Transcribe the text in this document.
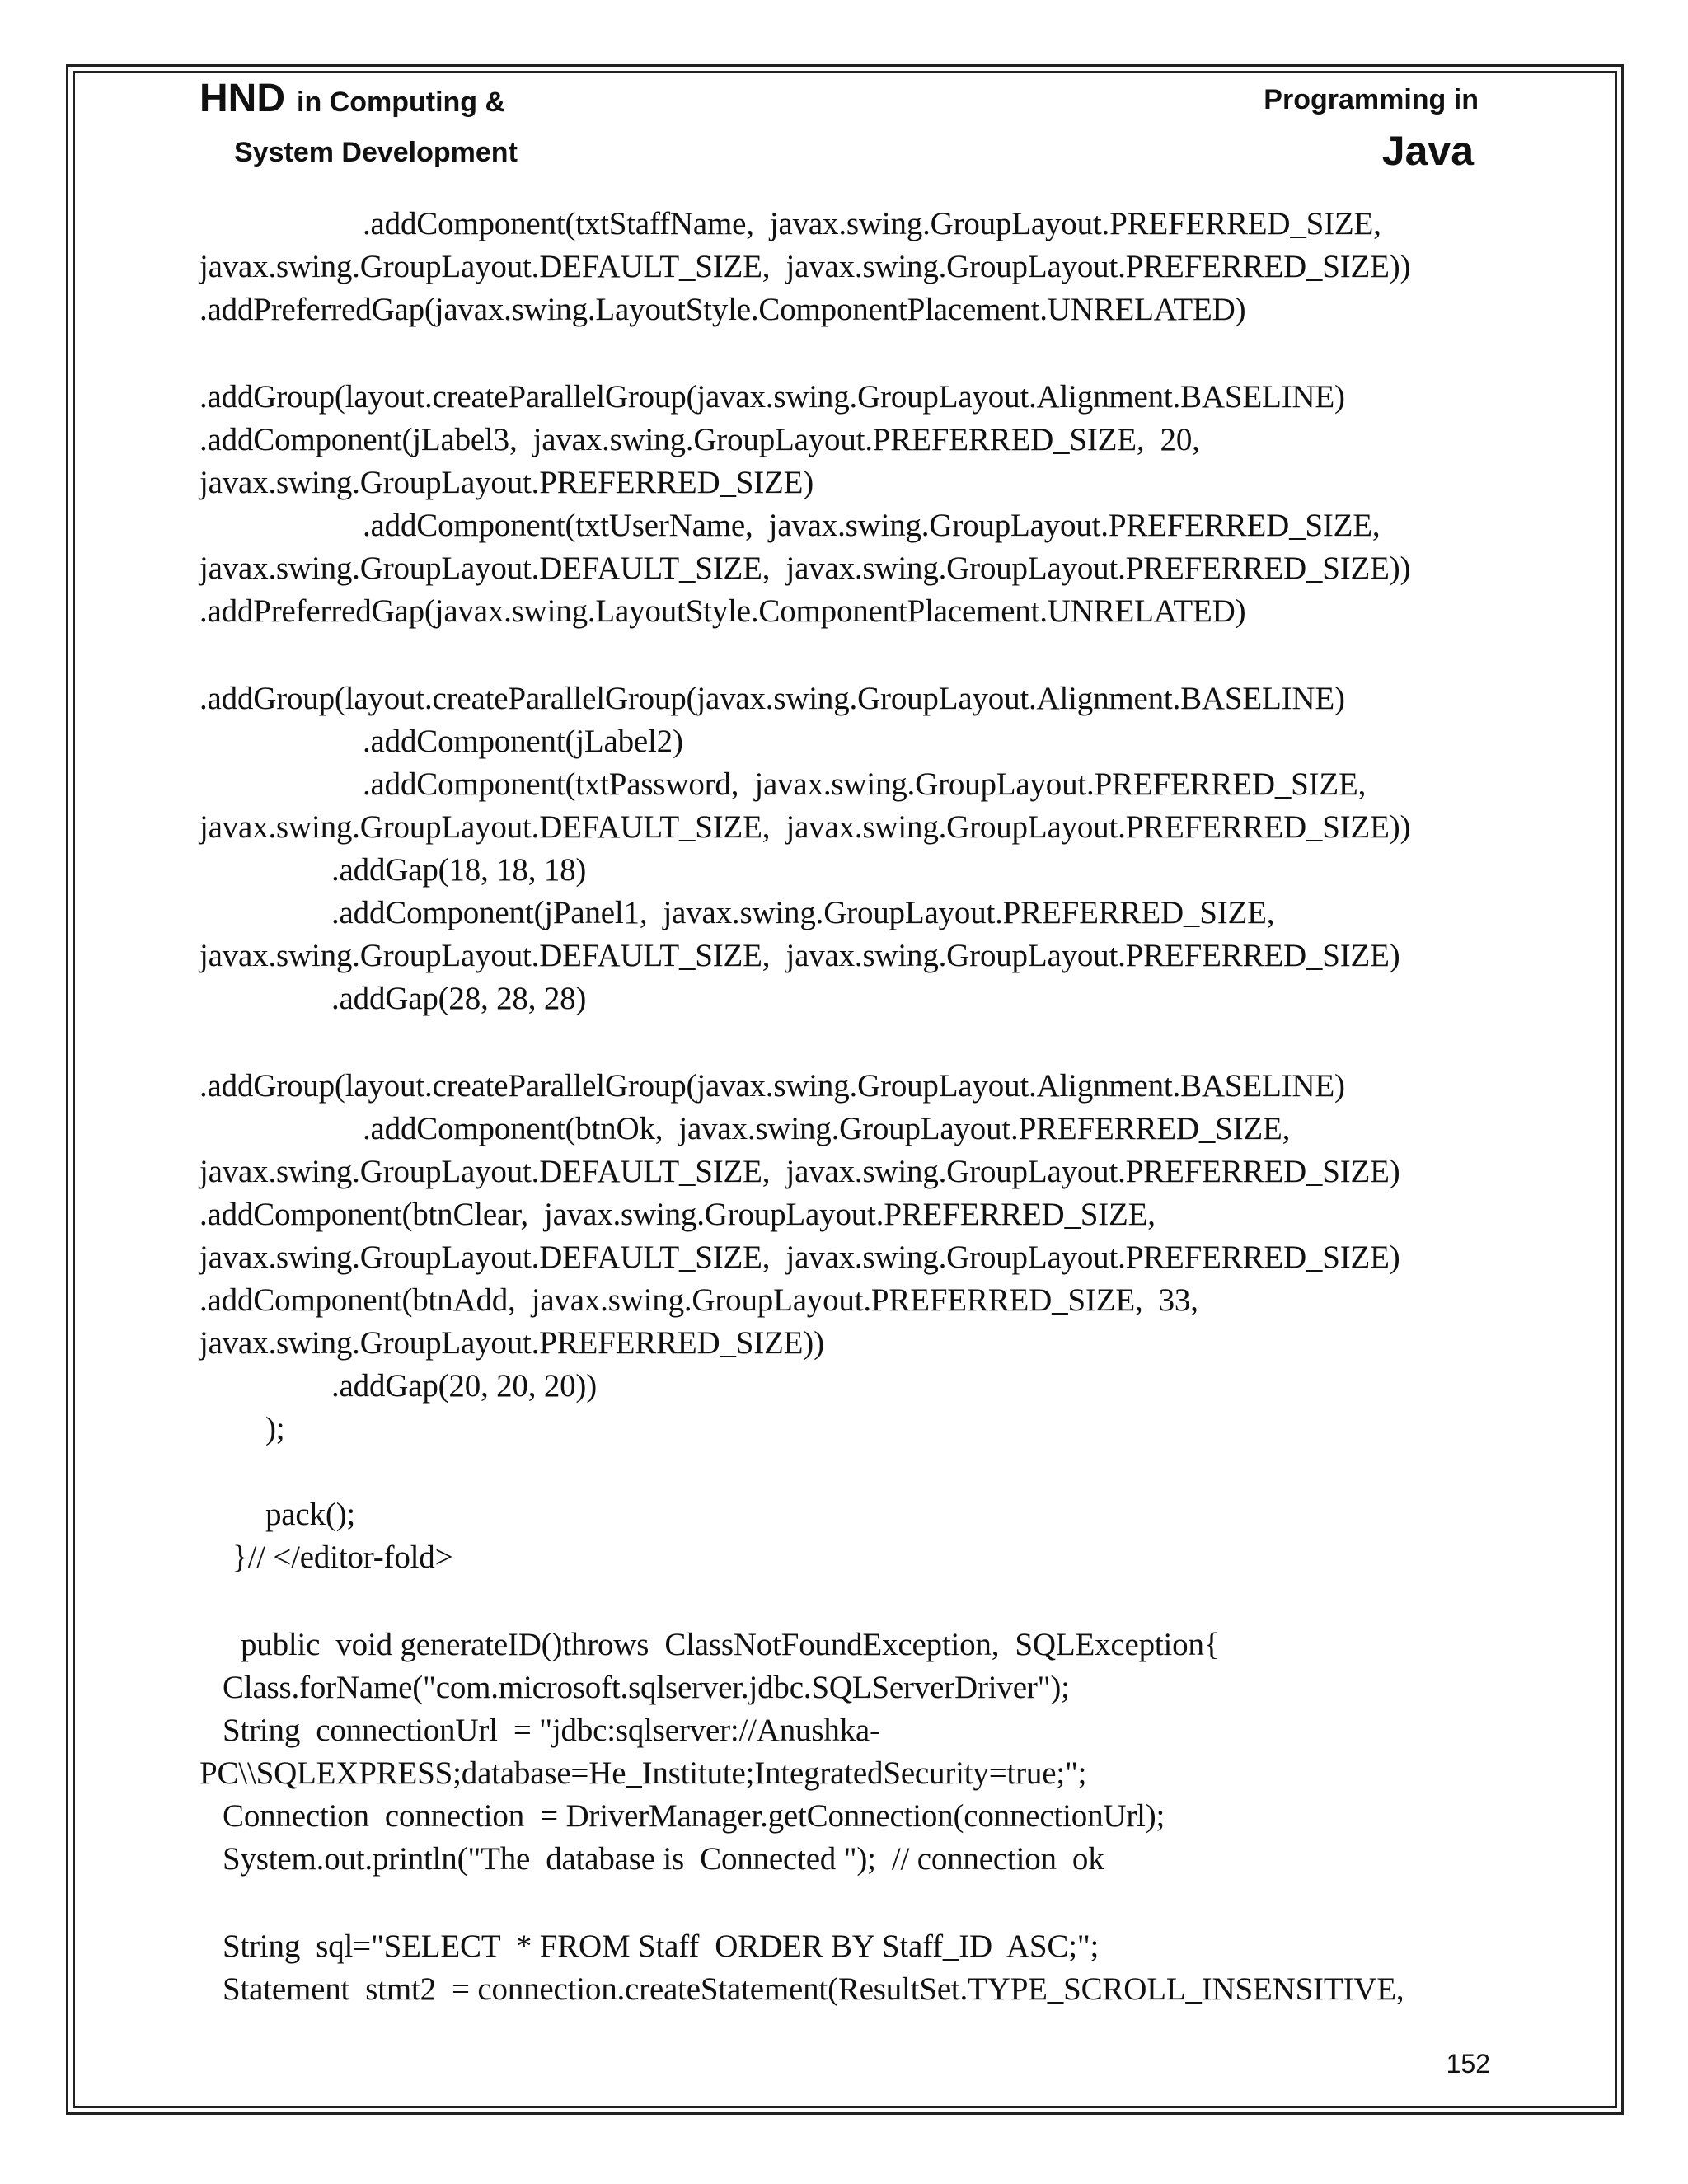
HND in Computing &
System Development
Programming in
Java
.addComponent(txtStaffName,  javax.swing.GroupLayout.PREFERRED_SIZE,
javax.swing.GroupLayout.DEFAULT_SIZE,  javax.swing.GroupLayout.PREFERRED_SIZE))
.addPreferredGap(javax.swing.LayoutStyle.ComponentPlacement.UNRELATED)
.addGroup(layout.createParallelGroup(javax.swing.GroupLayout.Alignment.BASELINE)
.addComponent(jLabel3,  javax.swing.GroupLayout.PREFERRED_SIZE,  20,
javax.swing.GroupLayout.PREFERRED_SIZE)
.addComponent(txtUserName,  javax.swing.GroupLayout.PREFERRED_SIZE,
javax.swing.GroupLayout.DEFAULT_SIZE,  javax.swing.GroupLayout.PREFERRED_SIZE))
.addPreferredGap(javax.swing.LayoutStyle.ComponentPlacement.UNRELATED)
.addGroup(layout.createParallelGroup(javax.swing.GroupLayout.Alignment.BASELINE)
.addComponent(jLabel2)
.addComponent(txtPassword,  javax.swing.GroupLayout.PREFERRED_SIZE,
javax.swing.GroupLayout.DEFAULT_SIZE,  javax.swing.GroupLayout.PREFERRED_SIZE))
.addGap(18, 18, 18)
.addComponent(jPanel1,  javax.swing.GroupLayout.PREFERRED_SIZE,
javax.swing.GroupLayout.DEFAULT_SIZE,  javax.swing.GroupLayout.PREFERRED_SIZE)
.addGap(28, 28, 28)
.addGroup(layout.createParallelGroup(javax.swing.GroupLayout.Alignment.BASELINE)
.addComponent(btnOk,  javax.swing.GroupLayout.PREFERRED_SIZE,
javax.swing.GroupLayout.DEFAULT_SIZE,  javax.swing.GroupLayout.PREFERRED_SIZE)
.addComponent(btnClear,  javax.swing.GroupLayout.PREFERRED_SIZE,
javax.swing.GroupLayout.DEFAULT_SIZE,  javax.swing.GroupLayout.PREFERRED_SIZE)
.addComponent(btnAdd,  javax.swing.GroupLayout.PREFERRED_SIZE,  33,
javax.swing.GroupLayout.PREFERRED_SIZE))
.addGap(20, 20, 20))
);
pack();
}// </editor-fold>
public  void generateID()throws  ClassNotFoundException,  SQLException{
Class.forName("com.microsoft.sqlserver.jdbc.SQLServerDriver");
String  connectionUrl  = "jdbc:sqlserver://Anushka-
PC\\SQLEXPRESS;database=He_Institute;IntegratedSecurity=true;";
Connection  connection  = DriverManager.getConnection(connectionUrl);
System.out.println("The  database is  Connected ");  // connection  ok
String  sql="SELECT  * FROM Staff  ORDER BY Staff_ID  ASC;";
Statement  stmt2  = connection.createStatement(ResultSet.TYPE_SCROLL_INSENSITIVE,
152
